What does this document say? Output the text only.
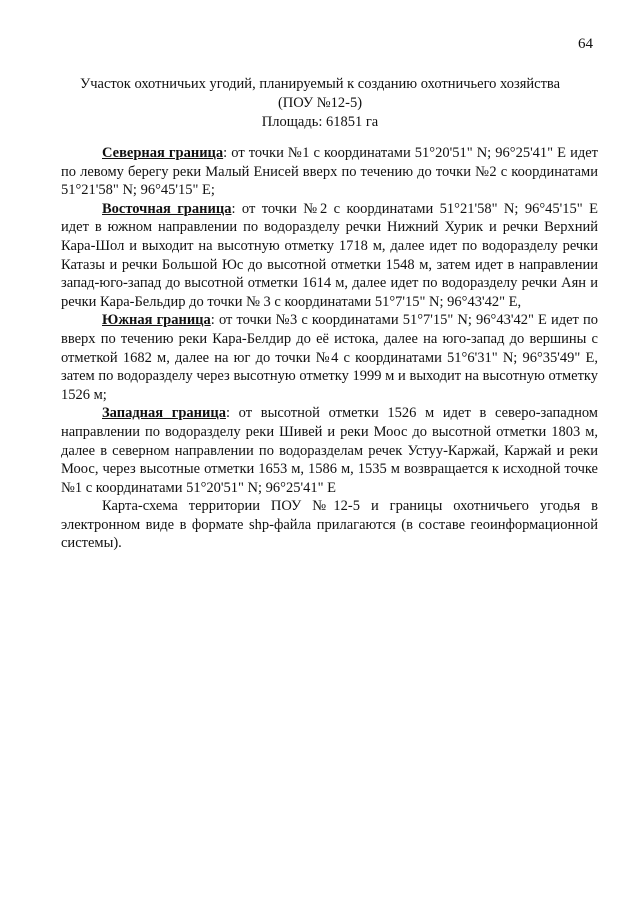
64
Участок охотничьих угодий, планируемый к созданию охотничьего хозяйства
(ПОУ №12-5)
Площадь: 61851 га

Северная граница: от точки №1 с координатами 51°20'51" N; 96°25'41" E идет по левому берегу реки Малый Енисей вверх по течению до точки №2 с координатами 51°21'58" N; 96°45'15" E;

Восточная граница: от точки №2 с координатами 51°21'58" N; 96°45'15" E идет в южном направлении по водоразделу речки Нижний Хурик и речки Верхний Кара-Шол и выходит на высотную отметку 1718 м, далее идет по водоразделу речки Катазы и речки Большой Юс до высотной отметки 1548 м, затем идет в направлении запад-юго-запад до высотной отметки 1614 м, далее идет по водоразделу речки Аян и речки Кара-Бельдир до точки № 3 с координатами 51°7'15" N; 96°43'42" E,

Южная граница: от точки №3 с координатами 51°7'15" N; 96°43'42" E идет по вверх по течению реки Кара-Белдир до её истока, далее на юго-запад до вершины с отметкой 1682 м, далее на юг до точки №4 с координатами 51°6'31" N; 96°35'49" E, затем по водоразделу через высотную отметку 1999 м и выходит на высотную отметку 1526 м;

Западная граница: от высотной отметки 1526 м идет в северо-западном направлении по водоразделу реки Шивей и реки Моос до высотной отметки 1803 м, далее в северном направлении по водоразделам речек Устуу-Каржай, Каржай и реки Моос, через высотные отметки 1653 м, 1586 м, 1535 м возвращается к исходной точке №1 с координатами 51°20'51" N; 96°25'41" E

Карта-схема территории ПОУ №12-5 и границы охотничьего угодья в электронном виде в формате shp-файла прилагаются (в составе геоинформационной системы).
